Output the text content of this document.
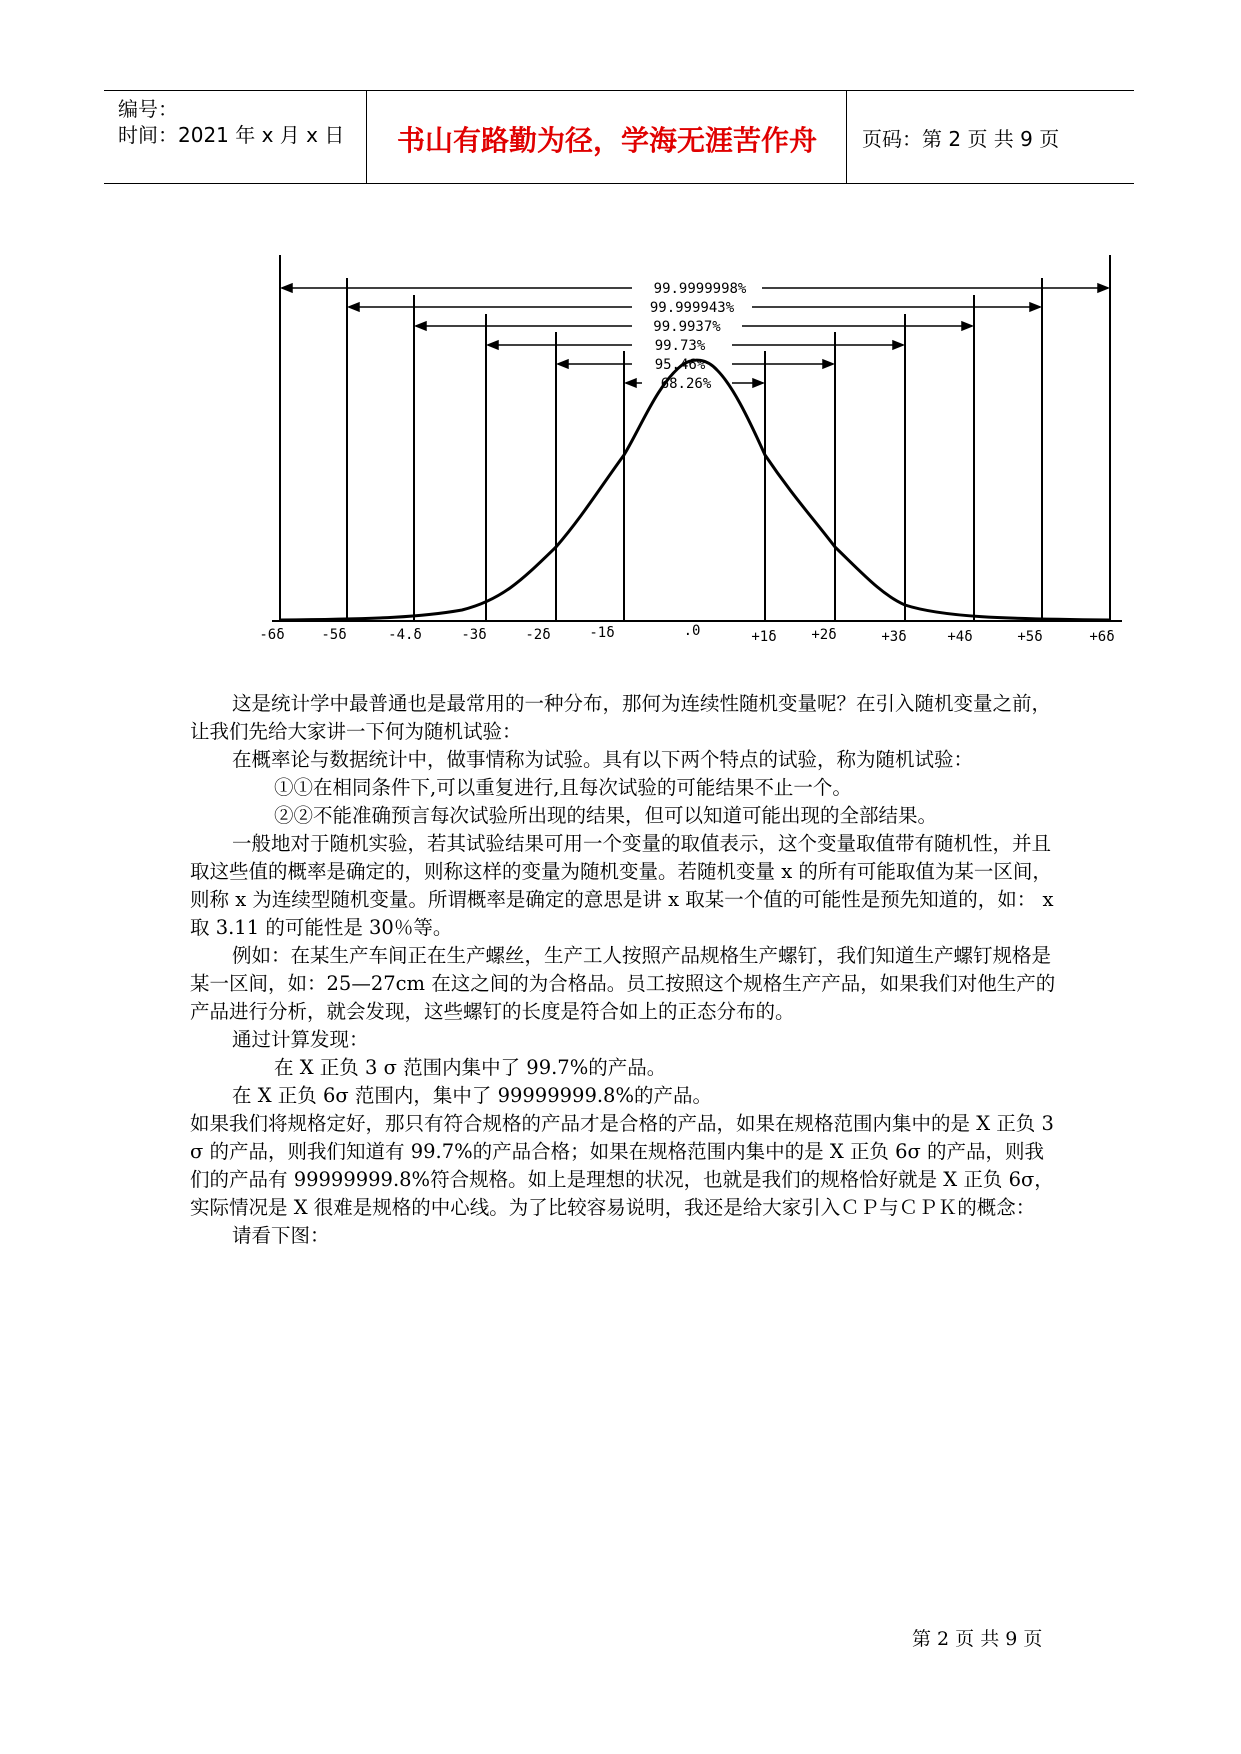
编号：
时间：2021 年 x 月 x 日	书山有路勤为径，学海无涯苦作舟	页码：第 2 页 共 9 页
99.9999998%
99.999943%
99.9937%
99.73%
95.46%
68.26%
-6δ	-5δ	-4.δ	-3δ	-2δ	-1δ	.0	+1δ +2δ	+3δ	+4δ	+5δ	+6δ

这是统计学中最普通也是最常用的一种分布，那何为连续性随机变量呢？在引入随机变量之前，让我们先给大家讲一下何为随机试验：

在概率论与数据统计中，做事情称为试验。具有以下两个特点的试验，称为随机试验：

①①在相同条件下,可以重复进行,且每次试验的可能结果不止一个。

②②不能准确预言每次试验所出现的结果，但可以知道可能出现的全部结果。

一般地对于随机实验，若其试验结果可用一个变量的取值表示，这个变量取值带有随机性，并且取这些值的概率是确定的，则称这样的变量为随机变量。若随机变量 x 的所有可能取值为某一区间，则称 x 为连续型随机变量。所谓概率是确定的意思是讲 x 取某一个值的可能性是预先知道的，如： x 取 3.11 的可能性是 30％等。

例如：在某生产车间正在生产螺丝，生产工人按照产品规格生产螺钉，我们知道生产螺钉规格是某一区间，如：25—27cm 在这之间的为合格品。员工按照这个规格生产产品，如果我们对他生产的产品进行分析，就会发现，这些螺钉的长度是符合如上的正态分布的。

通过计算发现：

在 X 正负 3 σ 范围内集中了 99.7%的产品。

在 X 正负 6σ 范围内，集中了 99999999.8%的产品。

如果我们将规格定好，那只有符合规格的产品才是合格的产品，如果在规格范围内集中的是 X 正负 3 σ 的产品，则我们知道有 99.7%的产品合格；如果在规格范围内集中的是 X 正负 6σ 的产品，则我们的产品有 99999999.8%符合规格。如上是理想的状况，也就是我们的规格恰好就是 X 正负 6σ，实际情况是 X 很难是规格的中心线。为了比较容易说明，我还是给大家引入ＣＰ与ＣＰＫ的概念：

请看下图：

第 2 页 共 9 页
